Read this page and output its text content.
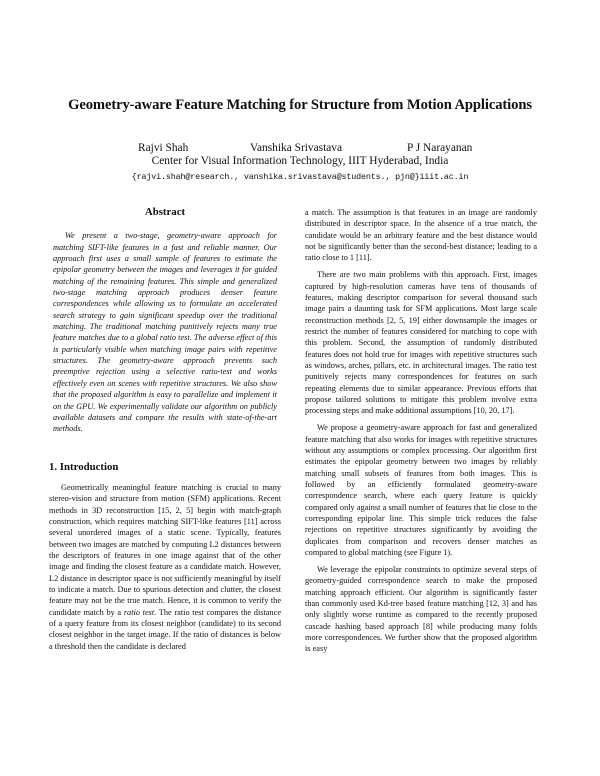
Geometry-aware Feature Matching for Structure from Motion Applications
Rajvi Shah	Vanshika Srivastava	P J Narayanan
Center for Visual Information Technology, IIIT Hyderabad, India
{rajvi.shah@research., vanshika.srivastava@students., pjn@}iiit.ac.in
Abstract

We present a two-stage, geometry-aware approach for matching SIFT-like features in a fast and reliable manner. Our approach first uses a small sample of features to estimate the epipolar geometry between the images and leverages it for guided matching of the remaining features. This simple and generalized two-stage matching approach produces denser feature correspondences while allowing us to formulate an accelerated search strategy to gain significant speedup over the traditional matching. The traditional matching punitively rejects many true feature matches due to a global ratio test. The adverse effect of this is particularly visible when matching image pairs with repetitive structures. The geometry-aware approach prevents such preemptive rejection using a selective ratio-test and works effectively even on scenes with repetitive structures. We also show that the proposed algorithm is easy to parallelize and implement it on the GPU. We experimentally validate our algorithm on publicly available datasets and compare the results with state-of-the-art methods.

1. Introduction

Geometrically meaningful feature matching is crucial to many stereo-vision and structure from motion (SFM) applications. Recent methods in 3D reconstruction [15, 2, 5] begin with match-graph construction, which requires matching SIFT-like features [11] across several unordered images of a static scene. Typically, features between two images are matched by computing L2 distances between the descriptors of features in one image against that of the other image and finding the closest feature as a candidate match. However, L2 distance in descriptor space is not sufficiently meaningful by itself to indicate a match. Due to spurious detection and clutter, the closest feature may not be the true match. Hence, it is common to verify the candidate match by a ratio test. The ratio test compares the distance of a query feature from its closest neighbor (candidate) to its second closest neighbor in the target image. If the ratio of distances is below a threshold then the candidate is declared

a match. The assumption is that features in an image are randomly distributed in descriptor space. In the absence of a true match, the candidate would be an arbitrary feature and the best distance would not be significantly better than the second-best distance; leading to a ratio close to 1 [11].

There are two main problems with this approach. First, images captured by high-resolution cameras have tens of thousands of features, making descriptor comparison for several thousand such image pairs a daunting task for SFM applications. Most large scale reconstruction methods [2, 5, 19] either downsample the images or restrict the number of features considered for matching to cope with this problem. Second, the assumption of randomly distributed features does not hold true for images with repetitive structures such as windows, arches, pillars, etc. in architectural images. The ratio test punitively rejects many correspondences for features on such repeating elements due to similar appearance. Previous efforts that propose tailored solutions to mitigate this problem involve extra processing steps and make additional assumptions [10, 20, 17].

We propose a geometry-aware approach for fast and generalized feature matching that also works for images with repetitive structures without any assumptions or complex processing. Our algorithm first estimates the epipolar geometry between two images by reliably matching small subsets of features from both images. This is followed by an efficiently formulated geometry-aware correspondence search, where each query feature is quickly compared only against a small number of features that lie close to the corresponding epipolar line. This simple trick reduces the false rejections on repetitive structures significantly by avoiding the duplicates from comparison and recovers denser matches as compared to global matching (see Figure 1).

We leverage the epipolar constraints to optimize several steps of geometry-guided correspondence search to make the proposed matching approach efficient. Our algorithm is significantly faster than commonly used Kd-tree based feature matching [12, 3] and has only slightly worse runtime as compared to the recently proposed cascade hashing based approach [8] while producing many folds more correspondences. We further show that the proposed algorithm is easy
